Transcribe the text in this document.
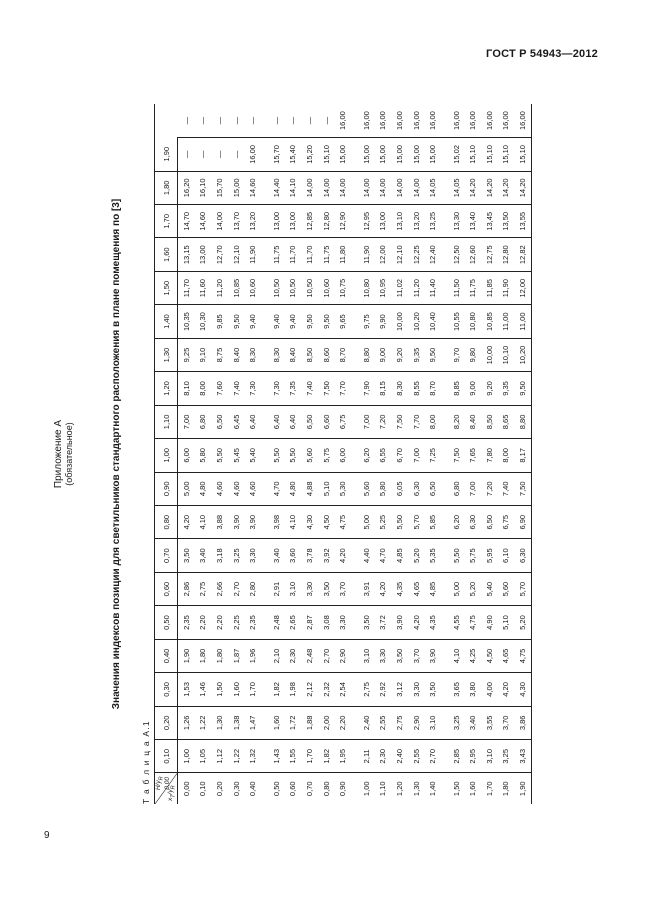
ГОСТ Р 54943—2012
Приложение А (обязательное)	Значения индексов позиции для светильников стандартного расположения в плане помещения по [3]
Т а б л и ц а А.1 $H/y_R$
0,00
$x_T/y_R$	0,10	0,20	0,30	0,40	0,50	0,60	0,70	0,80	0,90	1,00	1,10	1,20	1,30	1,40	1,50	1,60	1,70	1,80	1,90	
0,00	1,00	1,26	1,53	1,90	2,35	2,86	3,50	4,20	5,00	6,00	7,00	8,10	9,25	10,35	11,70	13,15	14,70	16,20	—	—
0,10	1,05	1,22	1,46	1,80	2,20	2,75	3,40	4,10	4,80	5,80	6,80	8,00	9,10	10,30	11,60	13,00	14,60	16,10	—	—
0,20	1,12	1,30	1,50	1,80	2,20	2,66	3,18	3,88	4,60	5,50	6,50	7,60	8,75	9,85	11,20	12,70	14,00	15,70	—	—
0,30	1,22	1,38	1,60	1,87	2,25	2,70	3,25	3,90	4,60	5,45	6,45	7,40	8,40	9,50	10,85	12,10	13,70	15,00	—	—
0,40	1,32	1,47	1,70	1,96	2,35	2,80	3,30	3,90	4,60	5,40	6,40	7,30	8,30	9,40	10,60	11,90	13,20	14,60	16,00	—
0,50	1,43	1,60	1,82	2,10	2,48	2,91	3,40	3,98	4,70	5,50	6,40	7,30	8,30	9,40	10,50	11,75	13,00	14,40	15,70	—
0,60	1,55	1,72	1,98	2,30	2,65	3,10	3,60	4,10	4,80	5,50	6,40	7,35	8,40	9,40	10,50	11,70	13,00	14,10	15,40	—
0,70	1,70	1,88	2,12	2,48	2,87	3,30	3,78	4,30	4,88	5,60	6,50	7,40	8,50	9,50	10,50	11,70	12,85	14,00	15,20	—
0,80	1,82	2,00	2,32	2,70	3,08	3,50	3,92	4,50	5,10	5,75	6,60	7,50	8,60	9,50	10,60	11,75	12,80	14,00	15,10	—
0,90	1,95	2,20	2,54	2,90	3,30	3,70	4,20	4,75	5,30	6,00	6,75	7,70	8,70	9,65	10,75	11,80	12,90	14,00	15,00	16,00
1,00	2,11	2,40	2,75	3,10	3,50	3,91	4,40	5,00	5,60	6,20	7,00	7,90	8,80	9,75	10,80	11,90	12,95	14,00	15,00	16,00
1,10	2,30	2,55	2,92	3,30	3,72	4,20	4,70	5,25	5,80	6,55	7,20	8,15	9,00	9,90	10,95	12,00	13,00	14,00	15,00	16,00
1,20	2,40	2,75	3,12	3,50	3,90	4,35	4,85	5,50	6,05	6,70	7,50	8,30	9,20	10,00	11,02	12,10	13,10	14,00	15,00	16,00
1,30	2,55	2,90	3,30	3,70	4,20	4,65	5,20	5,70	6,30	7,00	7,70	8,55	9,35	10,20	11,20	12,25	13,20	14,00	15,00	16,00
1,40	2,70	3,10	3,50	3,90	4,35	4,85	5,35	5,85	6,50	7,25	8,00	8,70	9,50	10,40	11,40	12,40	13,25	14,05	15,00	16,00
1,50	2,85	3,25	3,65	4,10	4,55	5,00	5,50	6,20	6,80	7,50	8,20	8,85	9,70	10,55	11,50	12,50	13,30	14,05	15,02	16,00
1,60	2,95	3,40	3,80	4,25	4,75	5,20	5,75	6,30	7,00	7,65	8,40	9,00	9,80	10,80	11,75	12,60	13,40	14,20	15,10	16,00
1,70	3,10	3,55	4,00	4,50	4,90	5,40	5,95	6,50	7,20	7,80	8,50	9,20	10,00	10,85	11,85	12,75	13,45	14,20	15,10	16,00
1,80	3,25	3,70	4,20	4,65	5,10	5,60	6,10	6,75	7,40	8,00	8,65	9,35	10,10	11,00	11,90	12,80	13,50	14,20	15,10	16,00
1,90	3,43	3,86	4,30	4,75	5,20	5,70	6,30	6,90	7,50	8,17	8,80	9,50	10,20	11,00	12,00	12,82	13,55	14,20	15,10	16,00
9
